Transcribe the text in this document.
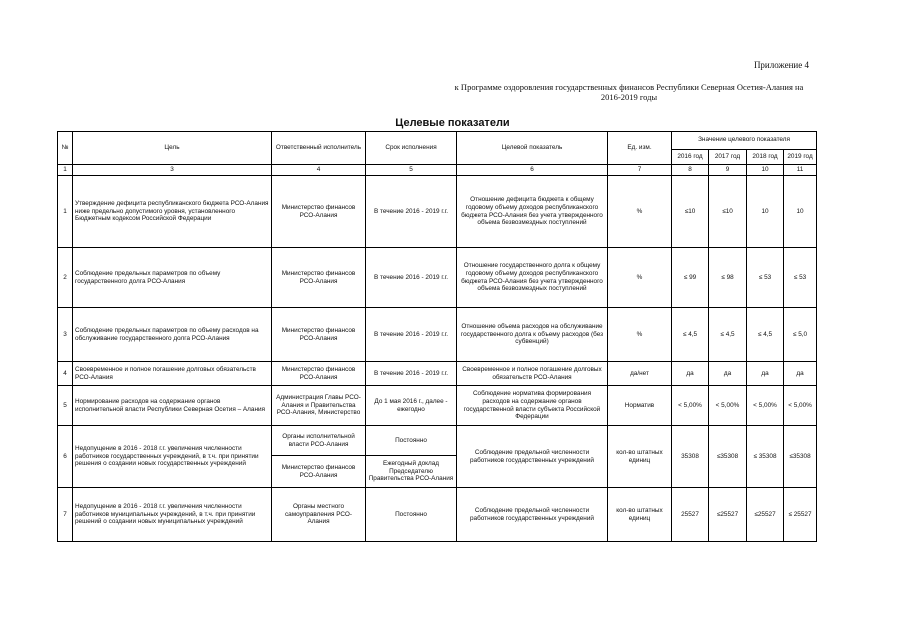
Приложение 4
к Программе оздоровления государственных финансов Республики Северная Осетия-Алания на 2016-2019 годы
Целевые показатели
№	Цель	Ответственный исполнитель	Срок исполнения	Целевой показатель	Ед. изм.	Значение целевого показателя			
						2016 год	2017 год	2018 год	2019 год
1	3	4	5	6	7	8	9	10	11
1	Утверждение дефицита республиканского бюджета РСО-Алания ниже предельно допустимого уровня, установленного Бюджетным кодексом Российской Федерации	Министерство финансов РСО-Алания	В течение 2016 - 2019 г.г.	Отношение дефицита бюджета к общему годовому объему доходов республиканского бюджета РСО-Алания без учета утвержденного объема безвозмездных поступлений	%	≤10	≤10	10	10
2	Соблюдение предельных параметров по объему государственного долга РСО-Алания	Министерство финансов РСО-Алания	В течение 2016 - 2019 г.г.	Отношение государственного долга к общему годовому объему доходов республиканского бюджета РСО-Алания без учета утвержденного объема безвозмездных поступлений	%	≤ 99	≤ 98	≤ 53	≤ 53
3	Соблюдение предельных параметров по объему расходов на обслуживание государственного долга РСО-Алания	Министерство финансов РСО-Алания	В течение 2016 - 2019 г.г.	Отношение объема расходов на обслуживание государственного долга к объему расходов (без субвенций)	%	≤ 4,5	≤ 4,5	≤ 4,5	≤ 5,0
4	Своевременное и полное погашение долговых обязательств РСО-Алания	Министерство финансов РСО-Алания	В течение 2016 - 2019 г.г.	Своевременное и полное погашение долговых обязательств РСО-Алания	да/нет	да	да	да	да
5	Нормирование расходов на содержание органов исполнительной власти Республики Северная Осетия – Алания	Администрация Главы РСО-Алания и Правительства РСО-Алания, Министерство	До 1 мая 2016 г., далее - ежегодно	Соблюдение норматива формирования расходов на содержание органов государственной власти субъекта Российской Федерации	Норматив	< 5,00%	< 5,00%	< 5,00%	< 5,00%
6	Недопущение в 2016 - 2018 г.г. увеличения численности работников государственных учреждений, в т.ч. при принятии решения о создании новых государственных учреждений	Органы исполнительной власти РСО-Алания	Постоянно	Соблюдение предельной численности работников государственных учреждений	кол-во штатных единиц	35308	≤35308	≤ 35308	≤35308
		Министерство финансов РСО-Алания	Ежегодный доклад Председателю Правительства РСО-Алания						
7	Недопущение в 2016 - 2018 г.г. увеличения численности работников муниципальных учреждений, в т.ч. при принятии решений о создании новых муниципальных учреждений	Органы местного самоуправления РСО-Алания	Постоянно	Соблюдение предельной численности работников государственных учреждений	кол-во штатных единиц	25527	≤25527	≤25527	≤ 25527
